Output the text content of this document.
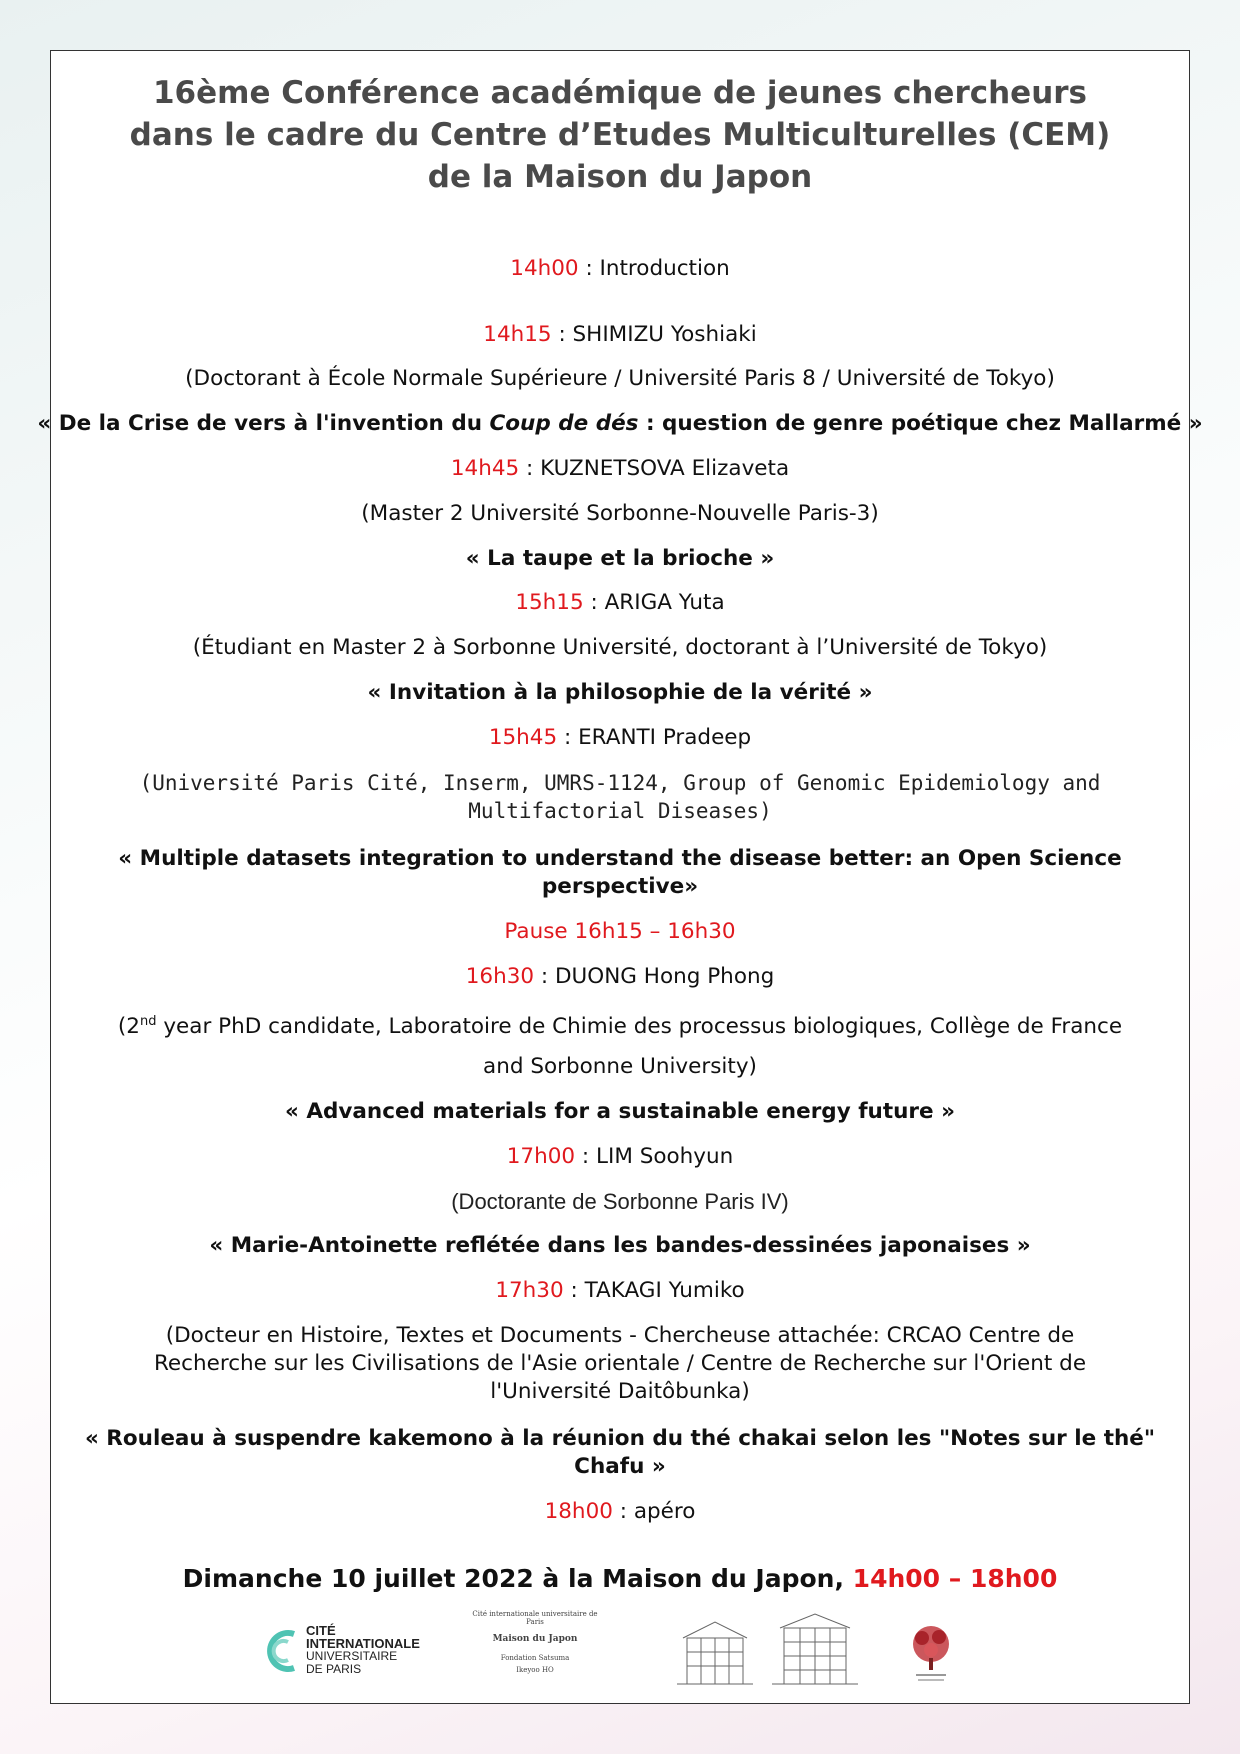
16ème Conférence académique de jeunes chercheurs
dans le cadre du Centre d’Etudes Multiculturelles (CEM)
de la Maison du Japon
14h00 : Introduction
14h15 : SHIMIZU Yoshiaki
(Doctorant à École Normale Supérieure / Université Paris 8 / Université de Tokyo)
« De la Crise de vers à l'invention du Coup de dés : question de genre poétique chez Mallarmé »
14h45 : KUZNETSOVA Elizaveta
(Master 2 Université Sorbonne-Nouvelle Paris-3)
« La taupe et la brioche »
15h15 : ARIGA Yuta
(Étudiant en Master 2 à Sorbonne Université, doctorant à l’Université de Tokyo)
« Invitation à la philosophie de la vérité »
15h45 : ERANTI Pradeep
(Université Paris Cité, Inserm, UMRS-1124, Group of Genomic Epidemiology and
Multifactorial Diseases)
« Multiple datasets integration to understand the disease better: an Open Science
perspective»
Pause 16h15 – 16h30
16h30 : DUONG Hong Phong
(2nd year PhD candidate, Laboratoire de Chimie des processus biologiques, Collège de France
and Sorbonne University)
« Advanced materials for a sustainable energy future »
17h00 : LIM Soohyun
(Doctorante de Sorbonne Paris IV)
« Marie-Antoinette reflétée dans les bandes-dessinées japonaises »
17h30 : TAKAGI Yumiko
(Docteur en Histoire, Textes et Documents - Chercheuse attachée: CRCAO Centre de
Recherche sur les Civilisations de l'Asie orientale / Centre de Recherche sur l'Orient de
l'Université Daitôbunka)
« Rouleau à suspendre kakemono à la réunion du thé chakai selon les "Notes sur le thé"
Chafu »
18h00 : apéro
Dimanche 10 juillet 2022 à la Maison du Japon, 14h00 – 18h00
CITÉ
INTERNATIONALE
UNIVERSITAIRE
DE PARIS
Cité internationale universitaire de Paris
Maison du Japon
Fondation Satsuma
Ikeyoo HO
